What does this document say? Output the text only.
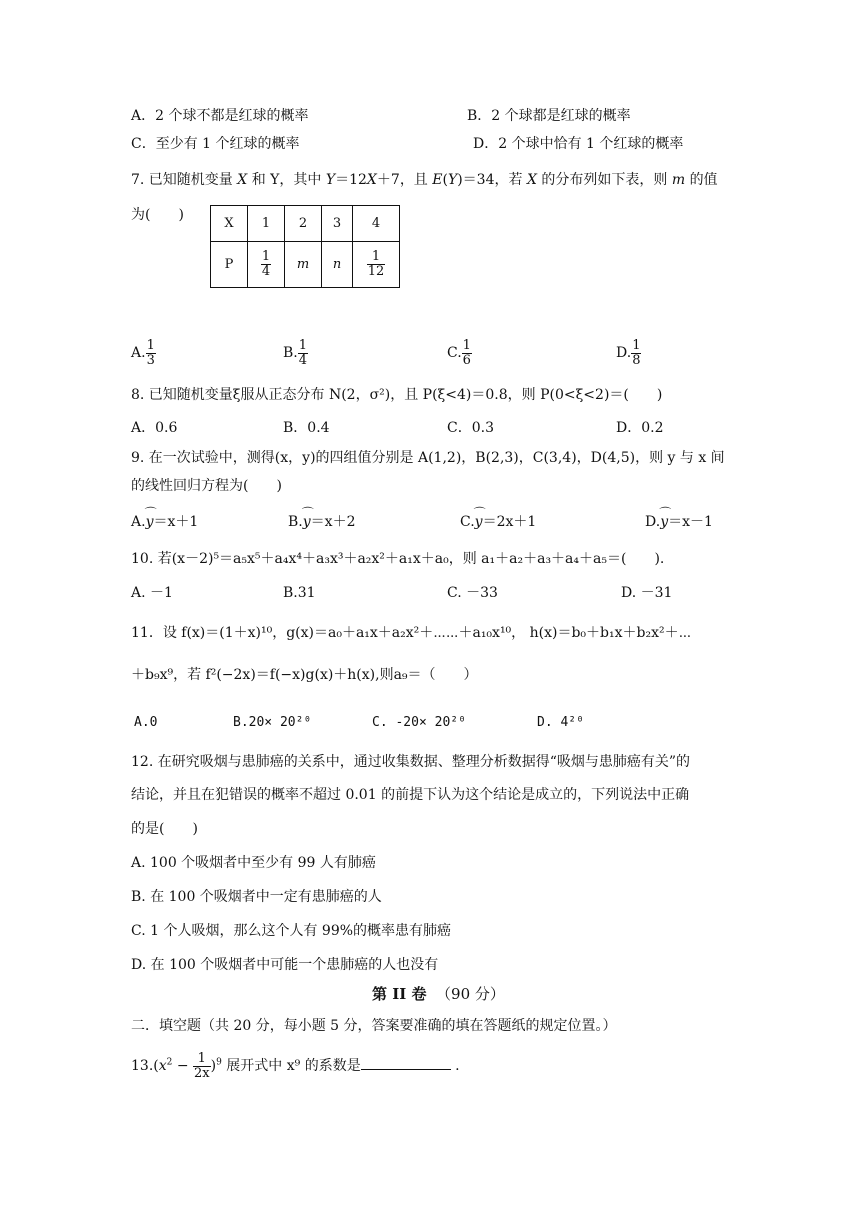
A．2 个球不都是红球的概率	B．2 个球都是红球的概率
C．至少有 1 个红球的概率	D．2 个球中恰有 1 个红球的概率
7. 已知随机变量 X 和 Y，其中 Y＝12X＋7，且 E(Y)＝34，若 X 的分布列如下表，则 m 的值
为(　　)
X	1	2	3	4
P	$\frac{1}{4}$	m	n	$\frac{1}{12}$
A. $\frac{1}{3}$	B. $\frac{1}{4}$	C. $\frac{1}{6}$	D. $\frac{1}{8}$
8. 已知随机变量ξ服从正态分布 N(2，σ²)，且 P(ξ<4)＝0.8，则 P(0<ξ<2)＝(　　)
A．0.6	B．0.4	C．0.3	D．0.2
9. 在一次试验中，测得(x，y)的四组值分别是 A(1,2)，B(2,3)，C(3,4)，D(4,5)，则 y 与 x 间
的线性回归方程为(　　)
A.⌒ y＝x＋1	B.⌒ y＝x＋2	C.⌒ y＝2x＋1	D.⌒ y＝x－1
10. 若(x－2)⁵＝a₅x⁵＋a₄x⁴＋a₃x³＋a₂x²＋a₁x＋a₀，则 a₁＋a₂＋a₃＋a₄＋a₅＝(　　).
A. －1	B.31	C. －33	D. －31
11．设 f(x)＝(1＋x)¹⁰，g(x)＝a₀＋a₁x＋a₂x²＋⋯⋯＋a₁₀x¹⁰， h(x)＝b₀＋b₁x＋b₂x²＋⋯
＋b₉x⁹，若 f²(−2x)＝f(−x)g(x)＋h(x),则a₉＝（　　）
A.0	B.20× 20²⁰	C. -20× 20²⁰	D. 4²⁰
12. 在研究吸烟与患肺癌的关系中，通过收集数据、整理分析数据得“吸烟与患肺癌有关”的
结论，并且在犯错误的概率不超过 0.01 的前提下认为这个结论是成立的，下列说法中正确
的是(　　)
A. 100 个吸烟者中至少有 99 人有肺癌
B. 在 100 个吸烟者中一定有患肺癌的人
C. 1 个人吸烟，那么这个人有 99%的概率患有肺癌
D. 在 100 个吸烟者中可能一个患肺癌的人也没有
第 II 卷 （90 分）
二．填空题（共 20 分，每小题 5 分，答案要准确的填在答题纸的规定位置。）
$13.(x^2 - \frac{1}{2x} )^9$ 展开式中 x⁹ 的系数是	.
